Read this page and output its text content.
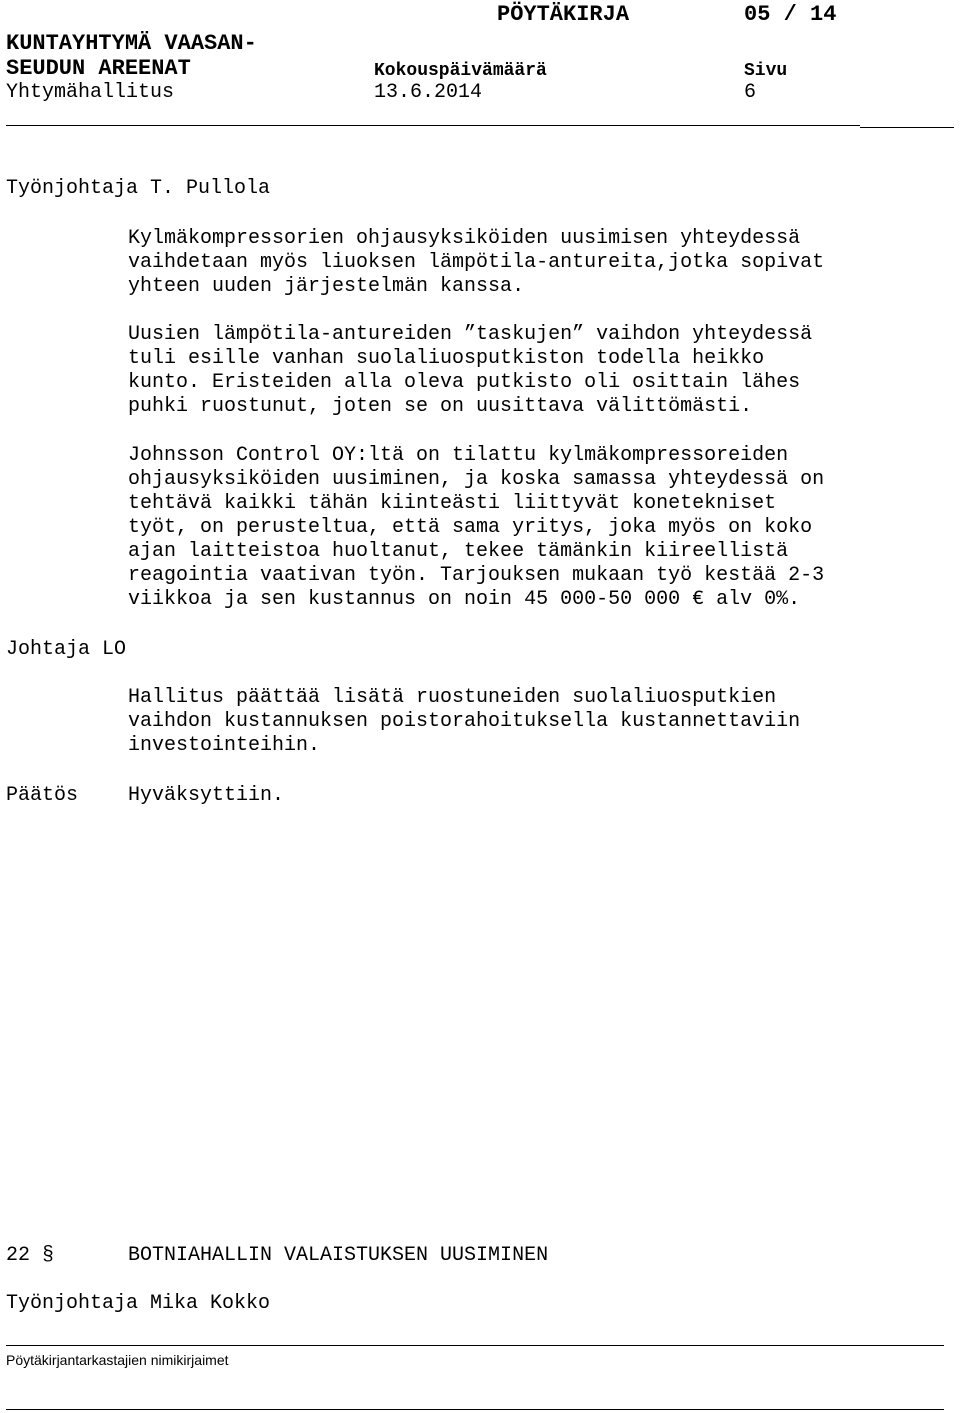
PÖYTÄKIRJA	05 / 14
KUNTAYHTYMÄ VAASAN-
SEUDUN AREENAT	Kokouspäivämäärä	Sivu
Yhtymähallitus	13.6.2014	6
Työnjohtaja T. Pullola
Kylmäkompressorien ohjausyksiköiden uusimisen yhteydessä
vaihdetaan myös liuoksen lämpötila-antureita,jotka sopivat
yhteen uuden järjestelmän kanssa.
Uusien lämpötila-antureiden ”taskujen” vaihdon yhteydessä
tuli esille vanhan suolaliuosputkiston todella heikko
kunto. Eristeiden alla oleva putkisto oli osittain lähes
puhki ruostunut, joten se on uusittava välittömästi.
Johnsson Control OY:ltä on tilattu kylmäkompressoreiden
ohjausyksiköiden uusiminen, ja koska samassa yhteydessä on
tehtävä kaikki tähän kiinteästi liittyvät konetekniset
työt, on perusteltua, että sama yritys, joka myös on koko
ajan laitteistoa huoltanut, tekee tämänkin kiireellistä
reagointia vaativan työn. Tarjouksen mukaan työ kestää 2-3
viikkoa ja sen kustannus on noin 45 000-50 000 € alv 0%.
Johtaja LO
Hallitus päättää lisätä ruostuneiden suolaliuosputkien
vaihdon kustannuksen poistorahoituksella kustannettaviin
investointeihin.
Päätös Hyväksyttiin.
22 §	BOTNIAHALLIN VALAISTUKSEN UUSIMINEN
Työnjohtaja Mika Kokko
Pöytäkirjantarkastajien nimikirjaimet
